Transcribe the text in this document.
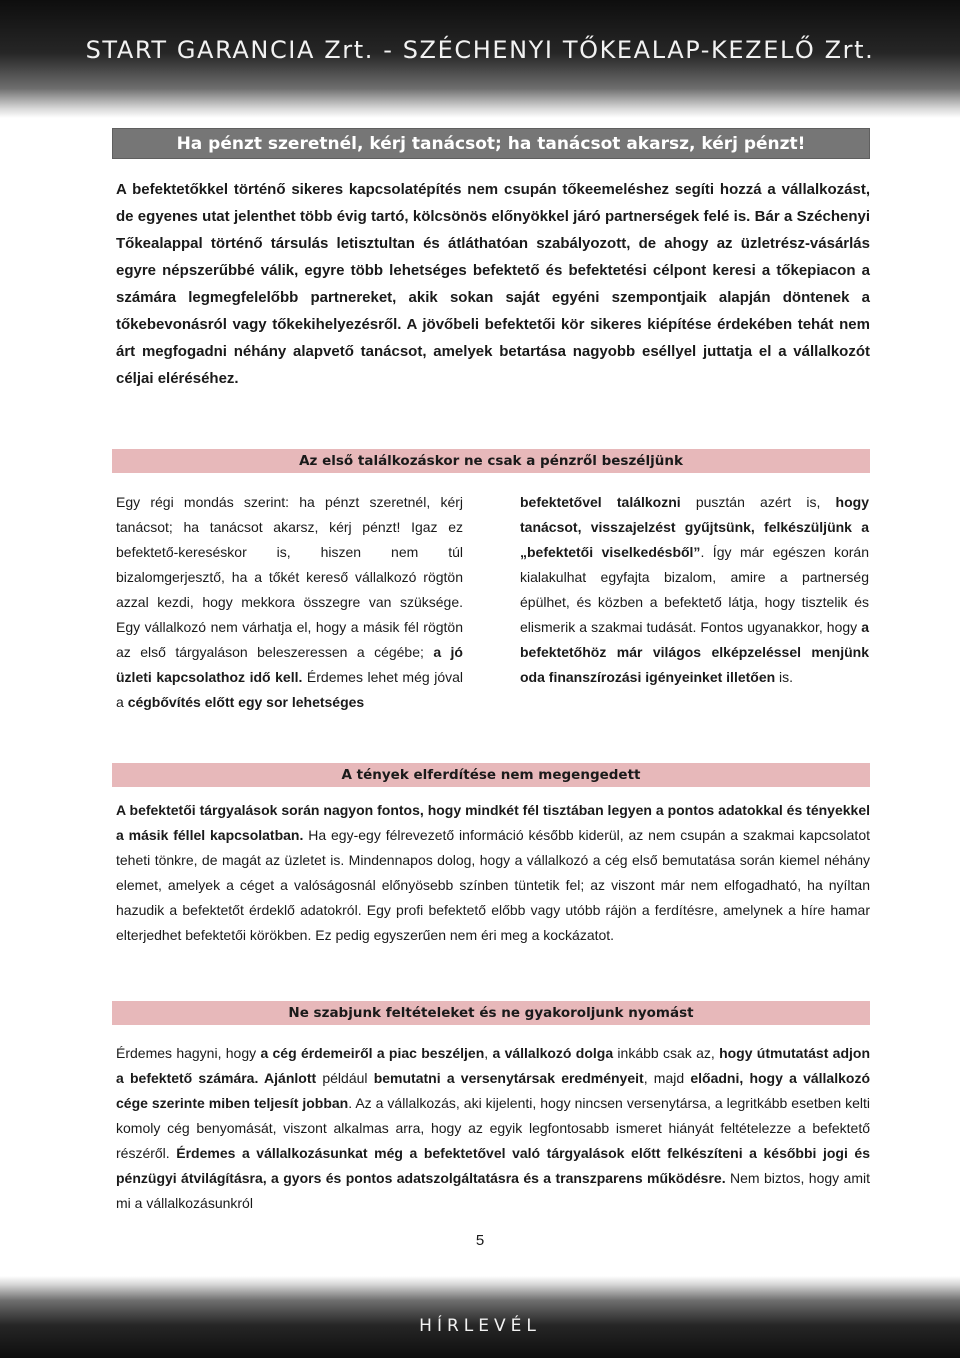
START GARANCIA Zrt. - SZÉCHENYI TŐKEALAP-KEZELŐ Zrt.
Ha pénzt szeretnél, kérj tanácsot; ha tanácsot akarsz, kérj pénzt!

A befektetőkkel történő sikeres kapcsolatépítés nem csupán tőkeemeléshez segíti hozzá a vállalkozást, de egyenes utat jelenthet több évig tartó, kölcsönös előnyökkel járó partnerségek felé is. Bár a Széchenyi Tőkealappal történő társulás letisztultan és átláthatóan szabályozott, de ahogy az üzletrész-vásárlás egyre népszerűbbé válik, egyre több lehetséges befektető és befektetési célpont keresi a tőkepiacon a számára legmegfelelőbb partnereket, akik sokan saját egyéni szempontjaik alapján döntenek a tőkebevonásról vagy tőkekihelyezésről. A jövőbeli befektetői kör sikeres kiépítése érdekében tehát nem árt megfogadni néhány alapvető tanácsot, amelyek betartása nagyobb eséllyel juttatja el a vállalkozót céljai eléréséhez.

Az első találkozáskor ne csak a pénzről beszéljünk

Egy régi mondás szerint: ha pénzt szeretnél, kérj tanácsot; ha tanácsot akarsz, kérj pénzt! Igaz ez befektető-kereséskor is, hiszen nem túl bizalomgerjesztő, ha a tőkét kereső vállalkozó rögtön azzal kezdi, hogy mekkora összegre van szüksége. Egy vállalkozó nem várhatja el, hogy a másik fél rögtön az első tárgyaláson beleszeressen a cégébe; a jó üzleti kapcsolathoz idő kell. Érdemes lehet még jóval a cégbővítés előtt egy sor lehetséges

befektetővel találkozni pusztán azért is, hogy tanácsot, visszajelzést gyűjtsünk, felkészüljünk a „befektetői viselkedésből”. Így már egészen korán kialakulhat egyfajta bizalom, amire a partnerség épülhet, és közben a befektető látja, hogy tisztelik és elismerik a szakmai tudását. Fontos ugyanakkor, hogy a befektetőhöz már világos elképzeléssel menjünk oda finanszírozási igényeinket illetően is.

A tények elferdítése nem megengedett

A befektetői tárgyalások során nagyon fontos, hogy mindkét fél tisztában legyen a pontos adatokkal és tényekkel a másik féllel kapcsolatban. Ha egy-egy félrevezető információ később kiderül, az nem csupán a szakmai kapcsolatot teheti tönkre, de magát az üzletet is. Mindennapos dolog, hogy a vállalkozó a cég első bemutatása során kiemel néhány elemet, amelyek a céget a valóságosnál előnyösebb színben tüntetik fel; az viszont már nem elfogadható, ha nyíltan hazudik a befektetőt érdeklő adatokról. Egy profi befektető előbb vagy utóbb rájön a ferdítésre, amelynek a híre hamar elterjedhet befektetői körökben. Ez pedig egyszerűen nem éri meg a kockázatot.

Ne szabjunk feltételeket és ne gyakoroljunk nyomást

Érdemes hagyni, hogy a cég érdemeiről a piac beszéljen, a vállalkozó dolga inkább csak az, hogy útmutatást adjon a befektető számára. Ajánlott például bemutatni a versenytársak eredményeit, majd előadni, hogy a vállalkozó cége szerinte miben teljesít jobban. Az a vállalkozás, aki kijelenti, hogy nincsen versenytársa, a legritkább esetben kelti komoly cég benyomását, viszont alkalmas arra, hogy az egyik legfontosabb ismeret hiányát feltételezze a befektető részéről. Érdemes a vállalkozásunkat még a befektetővel való tárgyalások előtt felkészíteni a későbbi jogi és pénzügyi átvilágításra, a gyors és pontos adatszolgáltatásra és a transzparens működésre. Nem biztos, hogy amit mi a vállalkozásunkról

5
HÍRLEVÉL
